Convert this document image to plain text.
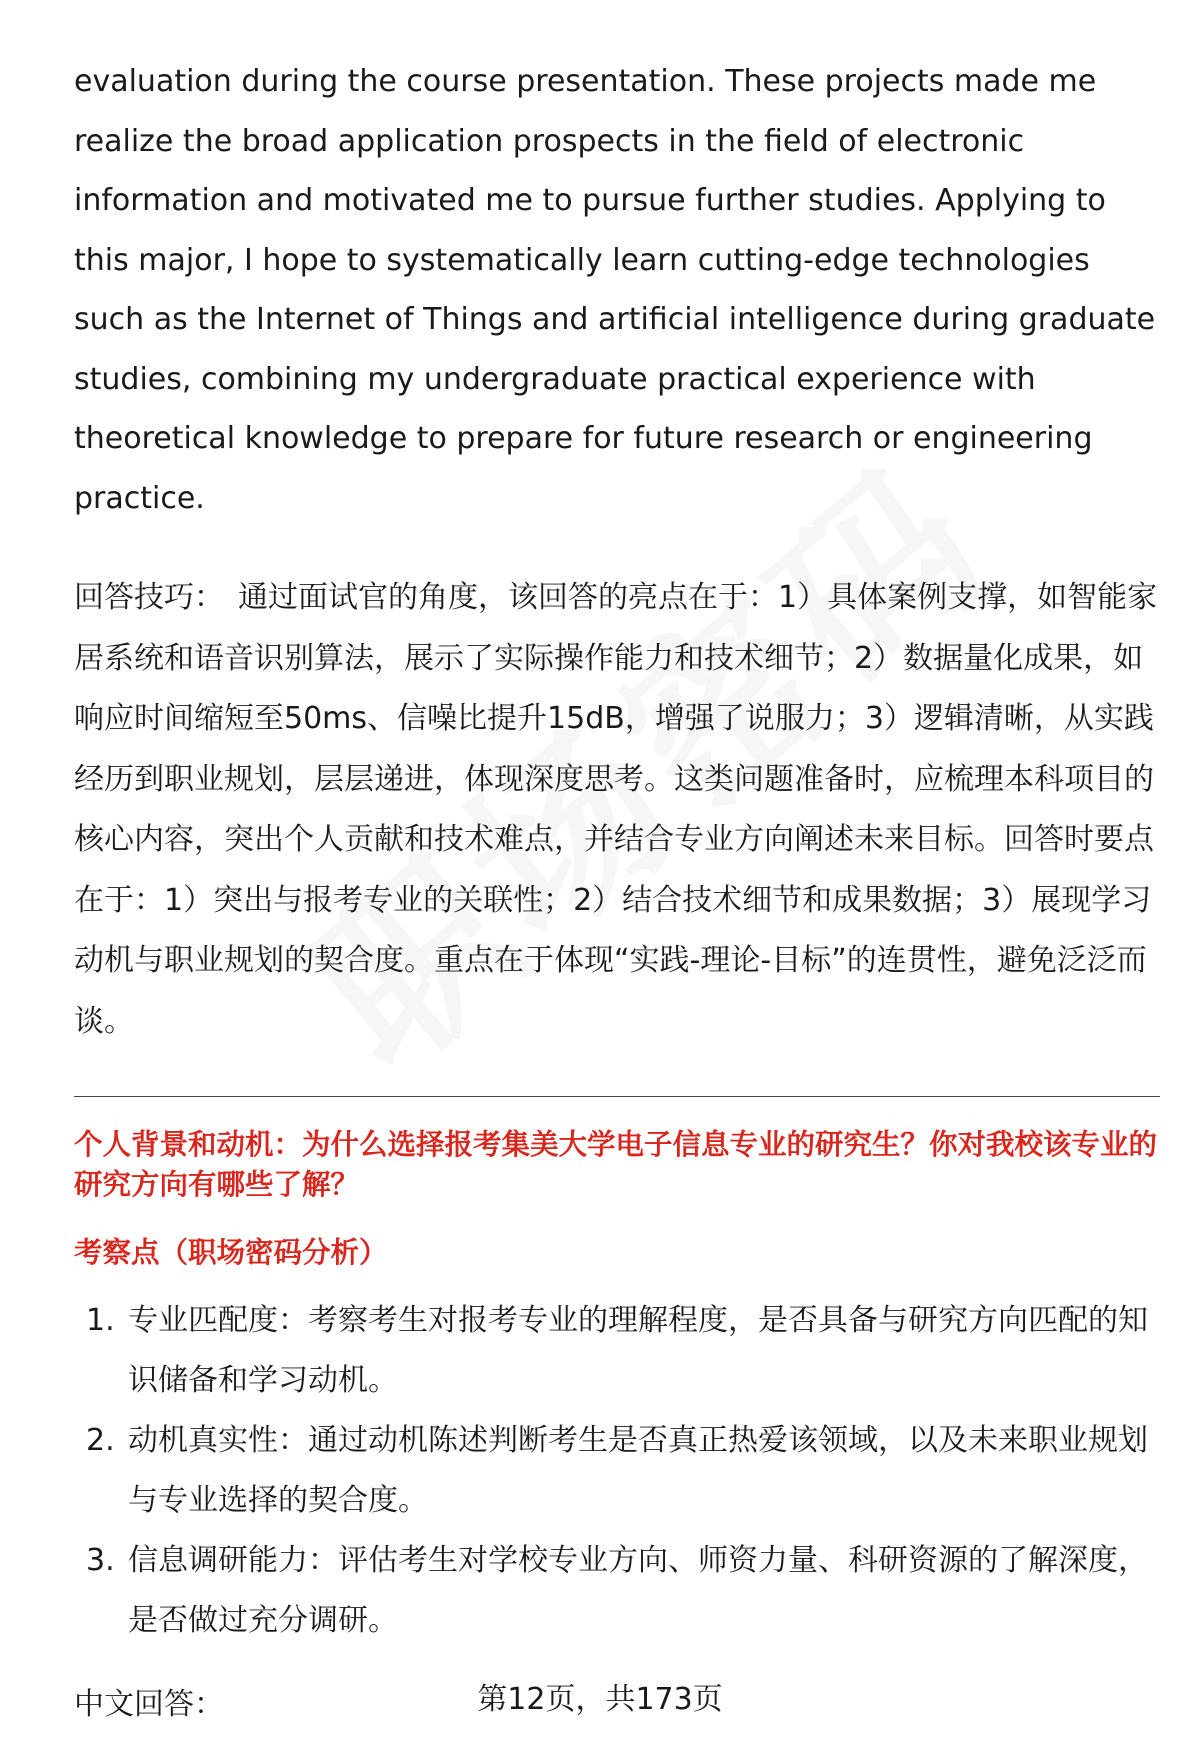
evaluation during the course presentation. These projects made me realize the broad application prospects in the field of electronic information and motivated me to pursue further studies. Applying to this major, I hope to systematically learn cutting-edge technologies such as the Internet of Things and artificial intelligence during graduate studies, combining my undergraduate practical experience with theoretical knowledge to prepare for future research or engineering practice.

回答技巧： 通过面试官的角度，该回答的亮点在于：1）具体案例支撑，如智能家居系统和语音识别算法，展示了实际操作能力和技术细节；2）数据量化成果，如响应时间缩短至50ms、信噪比提升15dB，增强了说服力；3）逻辑清晰，从实践经历到职业规划，层层递进，体现深度思考。这类问题准备时，应梳理本科项目的核心内容，突出个人贡献和技术难点，并结合专业方向阐述未来目标。回答时要点在于：1）突出与报考专业的关联性；2）结合技术细节和成果数据；3）展现学习动机与职业规划的契合度。重点在于体现“实践-理论-目标”的连贯性，避免泛泛而谈。

个人背景和动机：为什么选择报考集美大学电子信息专业的研究生？你对我校该专业的研究方向有哪些了解？

考察点（职场密码分析）

1. 专业匹配度：考察考生对报考专业的理解程度，是否具备与研究方向匹配的知识储备和学习动机。
2. 动机真实性：通过动机陈述判断考生是否真正热爱该领域，以及未来职业规划与专业选择的契合度。
3. 信息调研能力：评估考生对学校专业方向、师资力量、科研资源的了解深度，是否做过充分调研。

中文回答：	第12页，共173页
